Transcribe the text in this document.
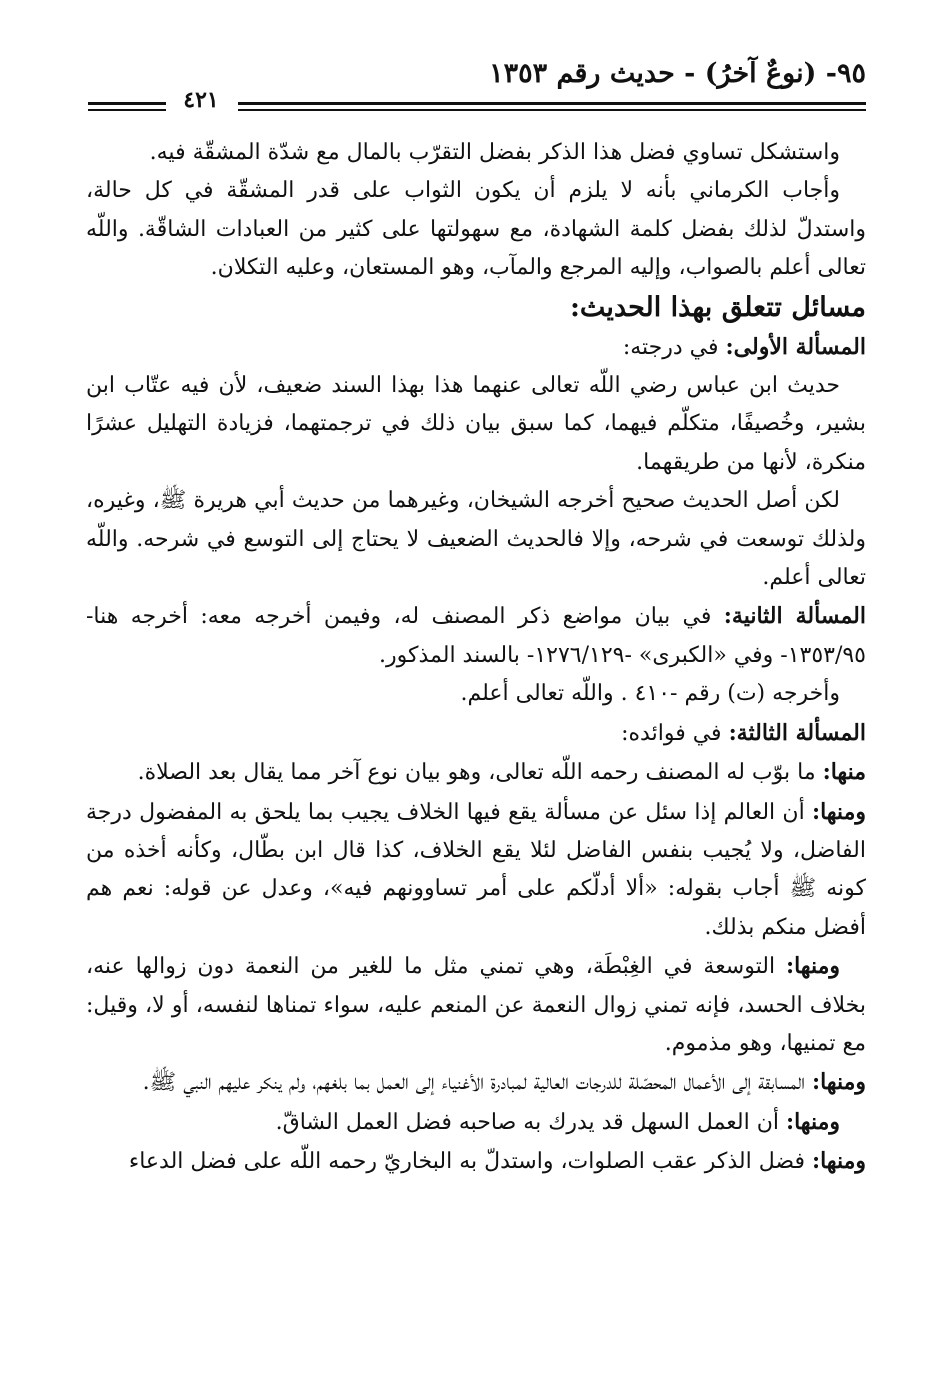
٩٥- (نوعٌ آخرُ) - حديث رقم ١٣٥٣
٤٢١

واستشكل تساوي فضل هذا الذكر بفضل التقرّب بالمال مع شدّة المشقّة فيه.

وأجاب الكرماني بأنه لا يلزم أن يكون الثواب على قدر المشقّة في كل حالة، واستدلّ لذلك بفضل كلمة الشهادة، مع سهولتها على كثير من العبادات الشاقّة. واللّه تعالى أعلم بالصواب، وإليه المرجع والمآب، وهو المستعان، وعليه التكلان.

مسائل تتعلق بهذا الحديث:

المسألة الأولى: في درجته:

حديث ابن عباس رضي اللّه تعالى عنهما هذا بهذا السند ضعيف، لأن فيه عتّاب ابن بشير، وخُصيفًا، متكلّم فيهما، كما سبق بيان ذلك في ترجمتهما، فزيادة التهليل عشرًا منكرة، لأنها من طريقهما.

لكن أصل الحديث صحيح أخرجه الشيخان، وغيرهما من حديث أبي هريرة ﷺ، وغيره، ولذلك توسعت في شرحه، وإلا فالحديث الضعيف لا يحتاج إلى التوسع في شرحه. واللّه تعالى أعلم.

المسألة الثانية: في بيان مواضع ذكر المصنف له، وفيمن أخرجه معه: أخرجه هنا- ١٣٥٣/٩٥- وفي «الكبرى» -١٢٧٦/١٢٩- بالسند المذكور.

وأخرجه (ت) رقم -٤١٠ . واللّه تعالى أعلم.

المسألة الثالثة: في فوائده:

منها: ما بوّب له المصنف رحمه اللّه تعالى، وهو بيان نوع آخر مما يقال بعد الصلاة.

ومنها: أن العالم إذا سئل عن مسألة يقع فيها الخلاف يجيب بما يلحق به المفضول درجة الفاضل، ولا يُجيب بنفس الفاضل لئلا يقع الخلاف، كذا قال ابن بطّال، وكأنه أخذه من كونه ﷺ أجاب بقوله: «ألا أدلّكم على أمر تساوونهم فيه»، وعدل عن قوله: نعم هم أفضل منكم بذلك.

ومنها: التوسعة في الغِبْطَة، وهي تمني مثل ما للغير من النعمة دون زوالها عنه، بخلاف الحسد، فإنه تمني زوال النعمة عن المنعم عليه، سواء تمناها لنفسه، أو لا، وقيل: مع تمنيها، وهو مذموم.

ومنها: المسابقة إلى الأعمال المحصّلة للدرجات العالية لمبادرة الأغنياء إلى العمل بما بلغهم، ولم ينكر عليهم النبي ﷺ.

ومنها: أن العمل السهل قد يدرك به صاحبه فضل العمل الشاقّ.

ومنها: فضل الذكر عقب الصلوات، واستدلّ به البخاريّ رحمه اللّه على فضل الدعاء
